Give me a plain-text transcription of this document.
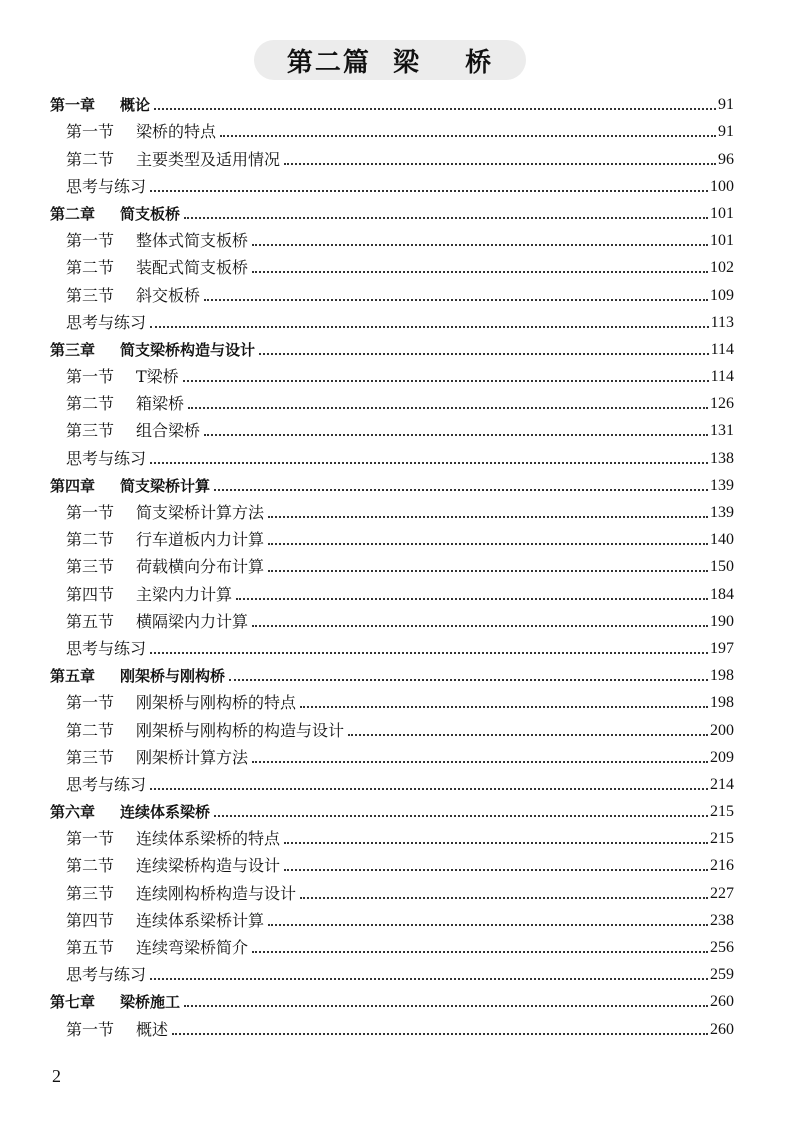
第二篇  梁    桥
第一章	概论	91
第一节	梁桥的特点	91
第二节	主要类型及适用情况	96
思考与练习	100
第二章	简支板桥	101
第一节	整体式简支板桥	101
第二节	装配式简支板桥	102
第三节	斜交板桥	109
思考与练习	113
第三章	简支梁桥构造与设计	114
第一节	T梁桥	114
第二节	箱梁桥	126
第三节	组合梁桥	131
思考与练习	138
第四章	简支梁桥计算	139
第一节	简支梁桥计算方法	139
第二节	行车道板内力计算	140
第三节	荷载横向分布计算	150
第四节	主梁内力计算	184
第五节	横隔梁内力计算	190
思考与练习	197
第五章	刚架桥与刚构桥	198
第一节	刚架桥与刚构桥的特点	198
第二节	刚架桥与刚构桥的构造与设计	200
第三节	刚架桥计算方法	209
思考与练习	214
第六章	连续体系梁桥	215
第一节	连续体系梁桥的特点	215
第二节	连续梁桥构造与设计	216
第三节	连续刚构桥构造与设计	227
第四节	连续体系梁桥计算	238
第五节	连续弯梁桥简介	256
思考与练习	259
第七章	梁桥施工	260
第一节	概述	260
2
